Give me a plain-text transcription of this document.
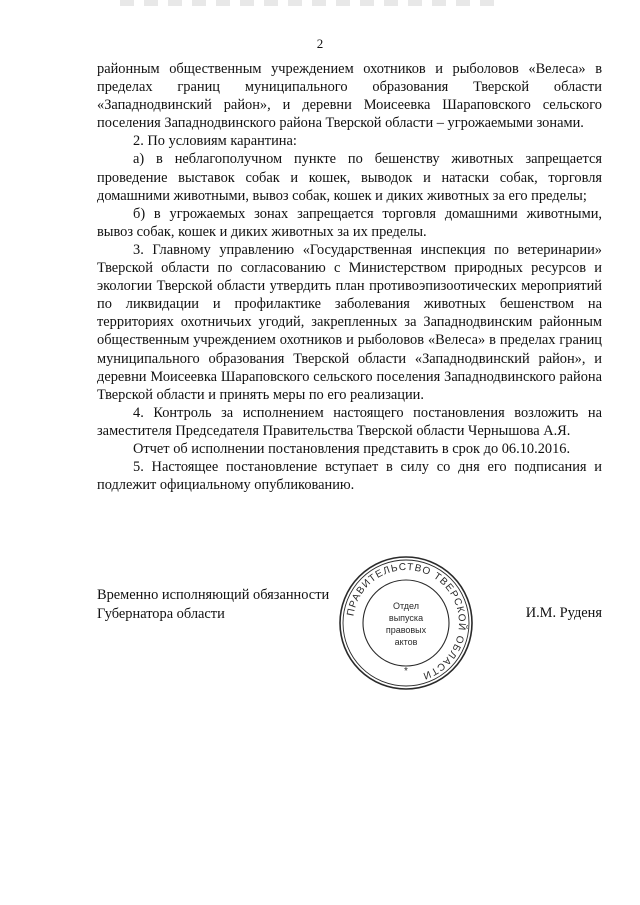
2

районным общественным учреждением охотников и рыболовов «Велеса» в пределах границ муниципального образования Тверской области «Западнодвинский район», и деревни Моисеевка Шараповского сельского поселения Западнодвинского района Тверской области – угрожаемыми зонами.

2. По условиям карантина:

а) в неблагополучном пункте по бешенству животных запрещается проведение выставок собак и кошек, выводок и натаски собак, торговля домашними животными, вывоз собак, кошек и диких животных за его пределы;

б) в угрожаемых зонах запрещается торговля домашними животными, вывоз собак, кошек и диких животных за их пределы.

3. Главному управлению «Государственная инспекция по ветеринарии» Тверской области по согласованию с Министерством природных ресурсов и экологии Тверской области утвердить план противоэпизоотических мероприятий по ликвидации и профилактике заболевания животных бешенством на территориях охотничьих угодий, закрепленных за Западнодвинским районным общественным учреждением охотников и рыболовов «Велеса» в пределах границ муниципального образования Тверской области «Западнодвинский район», и деревни Моисеевка Шараповского сельского поселения Западнодвинского района Тверской области и принять меры по его реализации.

4. Контроль за исполнением настоящего постановления возложить на заместителя Председателя Правительства Тверской области Чернышова А.Я.

Отчет об исполнении постановления представить в срок до 06.10.2016.

5. Настоящее постановление вступает в силу со дня его подписания и подлежит официальному опубликованию.

Временно исполняющий обязанности
Губернатора области	И.М. Руденя
ПРАВИТЕЛЬСТВО ТВЕРСКОЙ ОБЛАСТИ
Отдел
выпуска
правовых
актов
*
